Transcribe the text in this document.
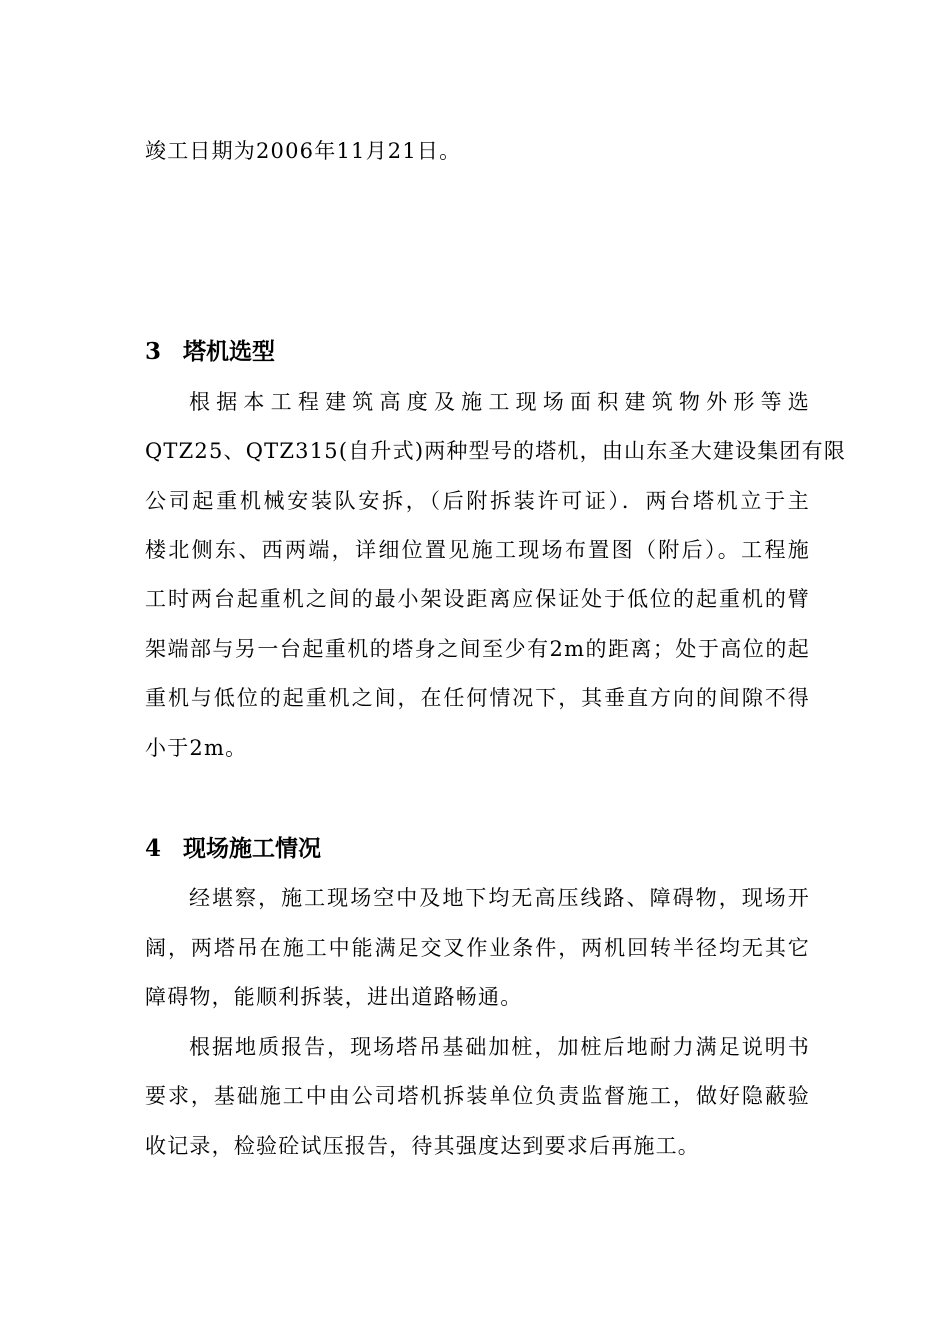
竣工日期为2006年11月21日。
3 塔机选型
根据本工程建筑高度及施工现场面积建筑物外形等选
QTZ25、QTZ315(自升式)两种型号的塔机，由山东圣大建设集团有限
公司起重机械安装队安拆，（后附拆装许可证）．两台塔机立于主
楼北侧东、西两端，详细位置见施工现场布置图（附后）。工程施
工时两台起重机之间的最小架设距离应保证处于低位的起重机的臂
架端部与另一台起重机的塔身之间至少有2m的距离；处于高位的起
重机与低位的起重机之间，在任何情况下，其垂直方向的间隙不得
小于2m。
4 现场施工情况
经堪察，施工现场空中及地下均无高压线路、障碍物，现场开
阔，两塔吊在施工中能满足交叉作业条件，两机回转半径均无其它
障碍物，能顺利拆装，进出道路畅通。
根据地质报告，现场塔吊基础加桩，加桩后地耐力满足说明书
要求，基础施工中由公司塔机拆装单位负责监督施工，做好隐蔽验
收记录，检验砼试压报告，待其强度达到要求后再施工。
